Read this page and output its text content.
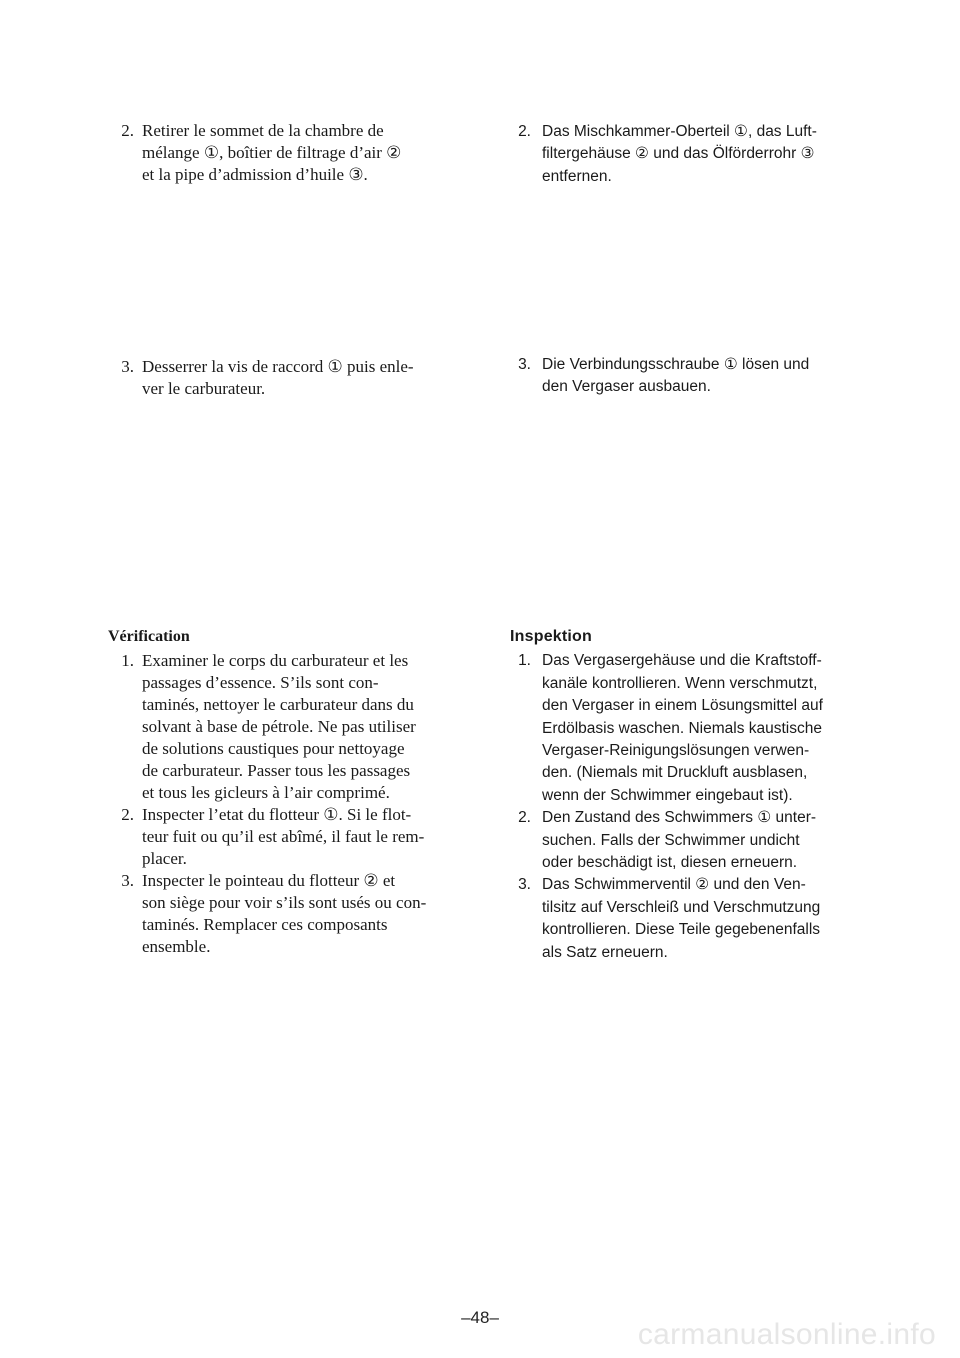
2. Retirer le sommet de la chambre de
mélange ①, boîtier de filtrage d’air ②
et la pipe d’admission d’huile ③.
3. Desserrer la vis de raccord ① puis enle-
ver le carburateur.
Vérification
1. Examiner le corps du carburateur et les
passages d’essence. S’ils sont con-
taminés, nettoyer le carburateur dans du
solvant à base de pétrole. Ne pas utiliser
de solutions caustiques pour nettoyage
de carburateur. Passer tous les passages
et tous les gicleurs à l’air comprimé.
2. Inspecter l’etat du flotteur ①. Si le flot-
teur fuit ou qu’il est abîmé, il faut le rem-
placer.
3. Inspecter le pointeau du flotteur ② et
son siège pour voir s’ils sont usés ou con-
taminés. Remplacer ces composants
ensemble.
2. Das Mischkammer-Oberteil ①, das Luft-
filtergehäuse ② und das Ölförderrohr ③
entfernen.
3. Die Verbindungsschraube ① lösen und
den Vergaser ausbauen.
Inspektion
1. Das Vergasergehäuse und die Kraftstoff-
kanäle kontrollieren. Wenn verschmutzt,
den Vergaser in einem Lösungsmittel auf
Erdölbasis waschen. Niemals kaustische
Vergaser-Reinigungslösungen verwen-
den. (Niemals mit Druckluft ausblasen,
wenn der Schwimmer eingebaut ist).
2. Den Zustand des Schwimmers ① unter-
suchen. Falls der Schwimmer undicht
oder beschädigt ist, diesen erneuern.
3. Das Schwimmerventil ② und den Ven-
tilsitz auf Verschleiß und Verschmutzung
kontrollieren. Diese Teile gegebenenfalls
als Satz erneuern.
–48–
carmanualsonline.info
